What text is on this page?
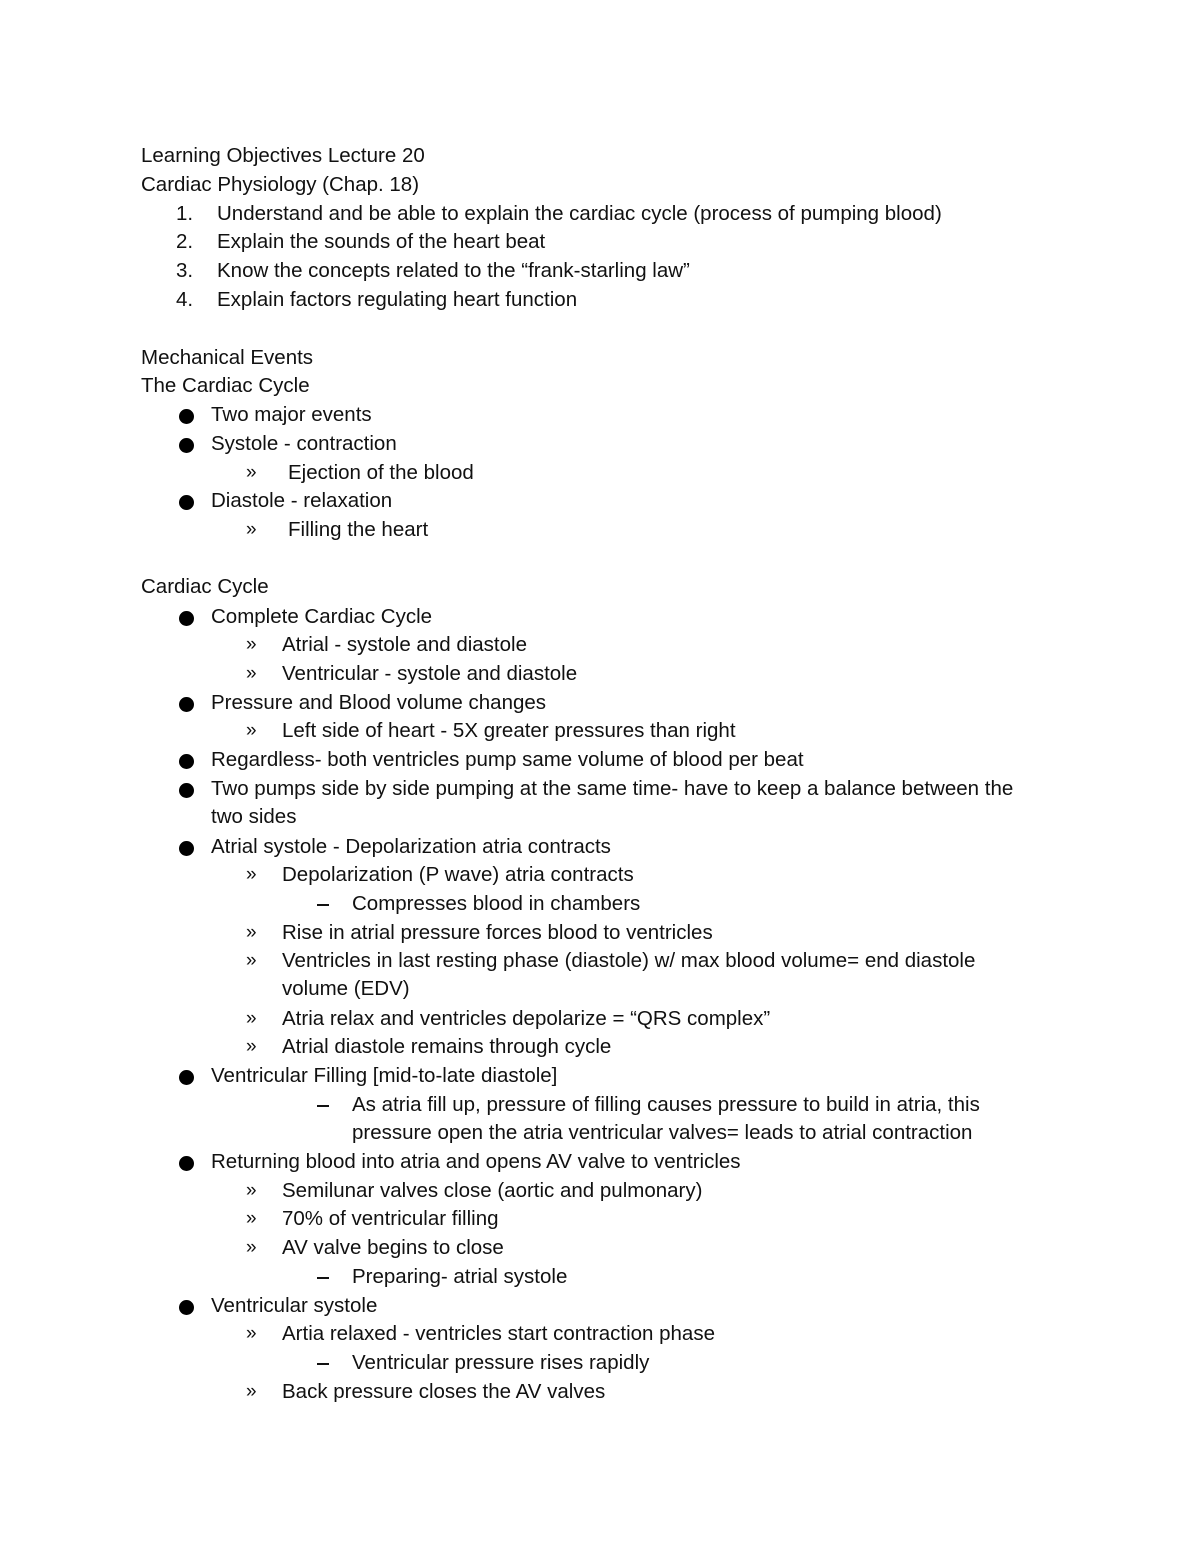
Learning Objectives Lecture 20
Cardiac Physiology (Chap. 18)
1. Understand and be able to explain the cardiac cycle (process of pumping blood)
2. Explain the sounds of the heart beat
3. Know the concepts related to the “frank-starling law”
4. Explain factors regulating heart function
Mechanical Events
The Cardiac Cycle
Two major events
Systole - contraction
» Ejection of the blood
Diastole - relaxation
» Filling the heart
Cardiac Cycle
Complete Cardiac Cycle
» Atrial - systole and diastole
» Ventricular - systole and diastole
Pressure and Blood volume changes
» Left side of heart - 5X greater pressures than right
Regardless- both ventricles pump same volume of blood per beat
Two pumps side by side pumping at the same time- have to keep a balance between the
two sides
Atrial systole - Depolarization atria contracts
» Depolarization (P wave) atria contracts
Compresses blood in chambers
» Rise in atrial pressure forces blood to ventricles
» Ventricles in last resting phase (diastole) w/ max blood volume= end diastole
volume (EDV)
» Atria relax and ventricles depolarize = “QRS complex”
» Atrial diastole remains through cycle
Ventricular Filling [mid-to-late diastole]
As atria fill up, pressure of filling causes pressure to build in atria, this
pressure open the atria ventricular valves= leads to atrial contraction
Returning blood into atria and opens AV valve to ventricles
» Semilunar valves close (aortic and pulmonary)
» 70% of ventricular filling
» AV valve begins to close
Preparing- atrial systole
Ventricular systole
» Artia relaxed - ventricles start contraction phase
Ventricular pressure rises rapidly
» Back pressure closes the AV valves
